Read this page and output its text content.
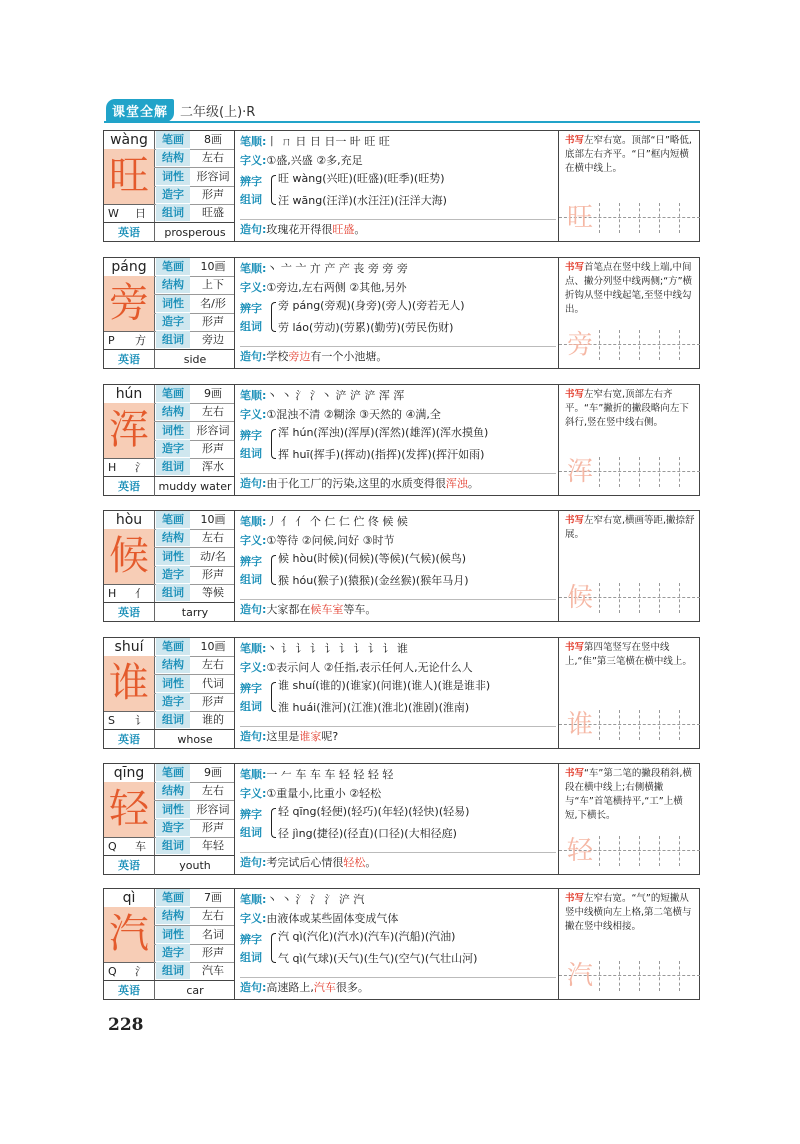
课堂全解 二年级(上)·R
wàng
旺
W 日
笔画	8画
结构	左右
词性	形容词
造字	形声
组词	旺盛
英语	prosperous
笔顺:丨 ㄇ 日 日 日一 旪 旺 旺
字义:①盛,兴盛 ②多,充足
辨字
组词
旺 wàng(兴旺)(旺盛)(旺季)(旺势)
汪 wāng(汪洋)(水汪汪)(汪洋大海)
造句:玫瑰花开得很旺盛。
书写左窄右宽。顶部“日”略低,底部左右齐平。“日”框内短横在横中线上。
旺
páng
旁
P 方
笔画	10画
结构	上下
词性	名/形
造字	形声
组词	旁边
英语	side
笔顺:丶 亠 亠 亣 产 产 丧 旁 旁 旁
字义:①旁边,左右两侧 ②其他,另外
辨字
组词
旁 páng(旁观)(身旁)(旁人)(旁若无人)
劳 láo(劳动)(劳累)(勤劳)(劳民伤财)
造句:学校旁边有一个小池塘。
书写首笔点在竖中线上端,中间点、撇分列竖中线两侧;“方”横折钩从竖中线起笔,至竖中线勾出。
旁
hún
浑
H 氵
笔画	9画
结构	左右
词性	形容词
造字	形声
组词	浑水
英语	muddy water
笔顺:丶 丶 氵 氵丶 浐 浐 浐 浑 浑
字义:①混浊不清 ②糊涂 ③天然的 ④满,全
辨字
组词
浑 hún(浑浊)(浑厚)(浑然)(雄浑)(浑水摸鱼)
挥 huī(挥手)(挥动)(指挥)(发挥)(挥汗如雨)
造句:由于化工厂的污染,这里的水质变得很浑浊。
书写左窄右宽,顶部左右齐平。“车”撇折的撇段略向左下斜行,竖在竖中线右侧。
浑
hòu
候
H 亻
笔画	10画
结构	左右
词性	动/名
造字	形声
组词	等候
英语	tarry
笔顺:丿 亻 亻 个 仁 仁 伫 佟 候 候
字义:①等待 ②问候,问好 ③时节
辨字
组词
候 hòu(时候)(伺候)(等候)(气候)(候鸟)
猴 hóu(猴子)(猿猴)(金丝猴)(猴年马月)
造句:大家都在候车室等车。
书写左窄右宽,横画等距,撇捺舒展。
候
shuí
谁
S 讠
笔画	10画
结构	左右
词性	代词
造字	形声
组词	谁的
英语	whose
笔顺:丶 讠 讠 讠 讠 讠 讠 讠 讠 谁
字义:①表示问人 ②任指,表示任何人,无论什么人
辨字
组词
谁 shuí(谁的)(谁家)(问谁)(谁人)(谁是谁非)
淮 huái(淮河)(江淮)(淮北)(淮剧)(淮南)
造句:这里是谁家呢?
书写第四笔竖写在竖中线上,“隹”第三笔横在横中线上。
谁
qīng
轻
Q 车
笔画	9画
结构	左右
词性	形容词
造字	形声
组词	年轻
英语	youth
笔顺:一 𠂉 车 车 车 轻 轻 轻 轻
字义:①重量小,比重小 ②轻松
辨字
组词
轻 qīng(轻便)(轻巧)(年轻)(轻快)(轻易)
径 jìng(捷径)(径直)(口径)(大相径庭)
造句:考完试后心情很轻松。
书写“车”第二笔的撇段稍斜,横段在横中线上;右侧横撇与“车”首笔横持平,“工”上横短,下横长。
轻
qì
汽
Q 氵
笔画	7画
结构	左右
词性	名词
造字	形声
组词	汽车
英语	car
笔顺:丶 丶 氵 氵 氵 浐 汽
字义:由液体或某些固体变成气体
辨字
组词
汽 qì(汽化)(汽水)(汽车)(汽船)(汽油)
气 qì(气球)(天气)(生气)(空气)(气壮山河)
造句:高速路上,汽车很多。
书写左窄右宽。“气”的短撇从竖中线横向左上格,第二笔横与撇在竖中线相接。
汽
228
